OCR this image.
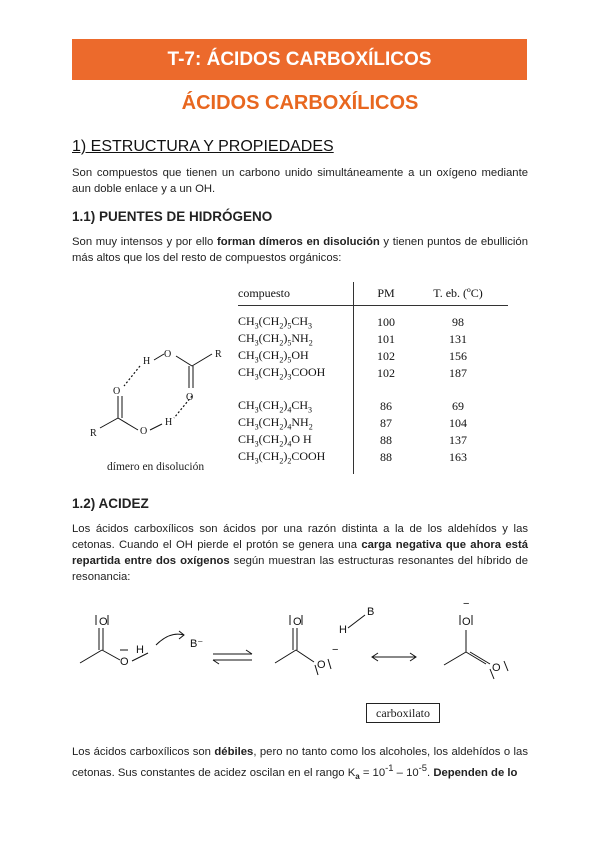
T-7: ÁCIDOS CARBOXÍLICOS
ÁCIDOS CARBOXÍLICOS
1) ESTRUCTURA Y PROPIEDADES
Son compuestos que tienen un carbono unido simultáneamente a un oxígeno mediante aun doble enlace y a un OH.
1.1) PUENTES DE HIDRÓGENO
Son muy intensos y por ello forman dímeros en disolución y tienen puntos de ebullición más altos que los del resto de compuestos orgánicos:
R
O
O
H
R
O
O
H
dímero en disolución
compuesto	PM	T. eb. (ºC)

$CH_3(CH_2)_5CH_3$	100	98
$CH_3(CH_2)_5NH_2$	101	131
$CH_3(CH_2)_5OH$	102	156
$CH_3(CH_2)_3COOH$	102	187

$CH_3(CH_2)_4CH_3$	86	69
$CH_3(CH_2)_4NH_2$	87	104
$CH_3(CH_2)_4O$ H	88	137
$CH_3(CH_2)_2COOH$	88	163
1.2) ACIDEZ
Los ácidos carboxílicos son ácidos por una razón distinta a la de los aldehídos y las cetonas. Cuando el OH pierde el protón se genera una carga negativa que ahora está repartida entre dos oxígenos según muestran las estructuras resonantes del híbrido de resonancia:
O
O
H	B⁻
O
O
H
B
O
O
−
−
carboxilato
Los ácidos carboxílicos son débiles, pero no tanto como los alcoholes, los aldehídos o las cetonas. Sus constantes de acidez oscilan en el rango $K_a = 10^{-1} - 10^{-5}$. Dependen de lo
